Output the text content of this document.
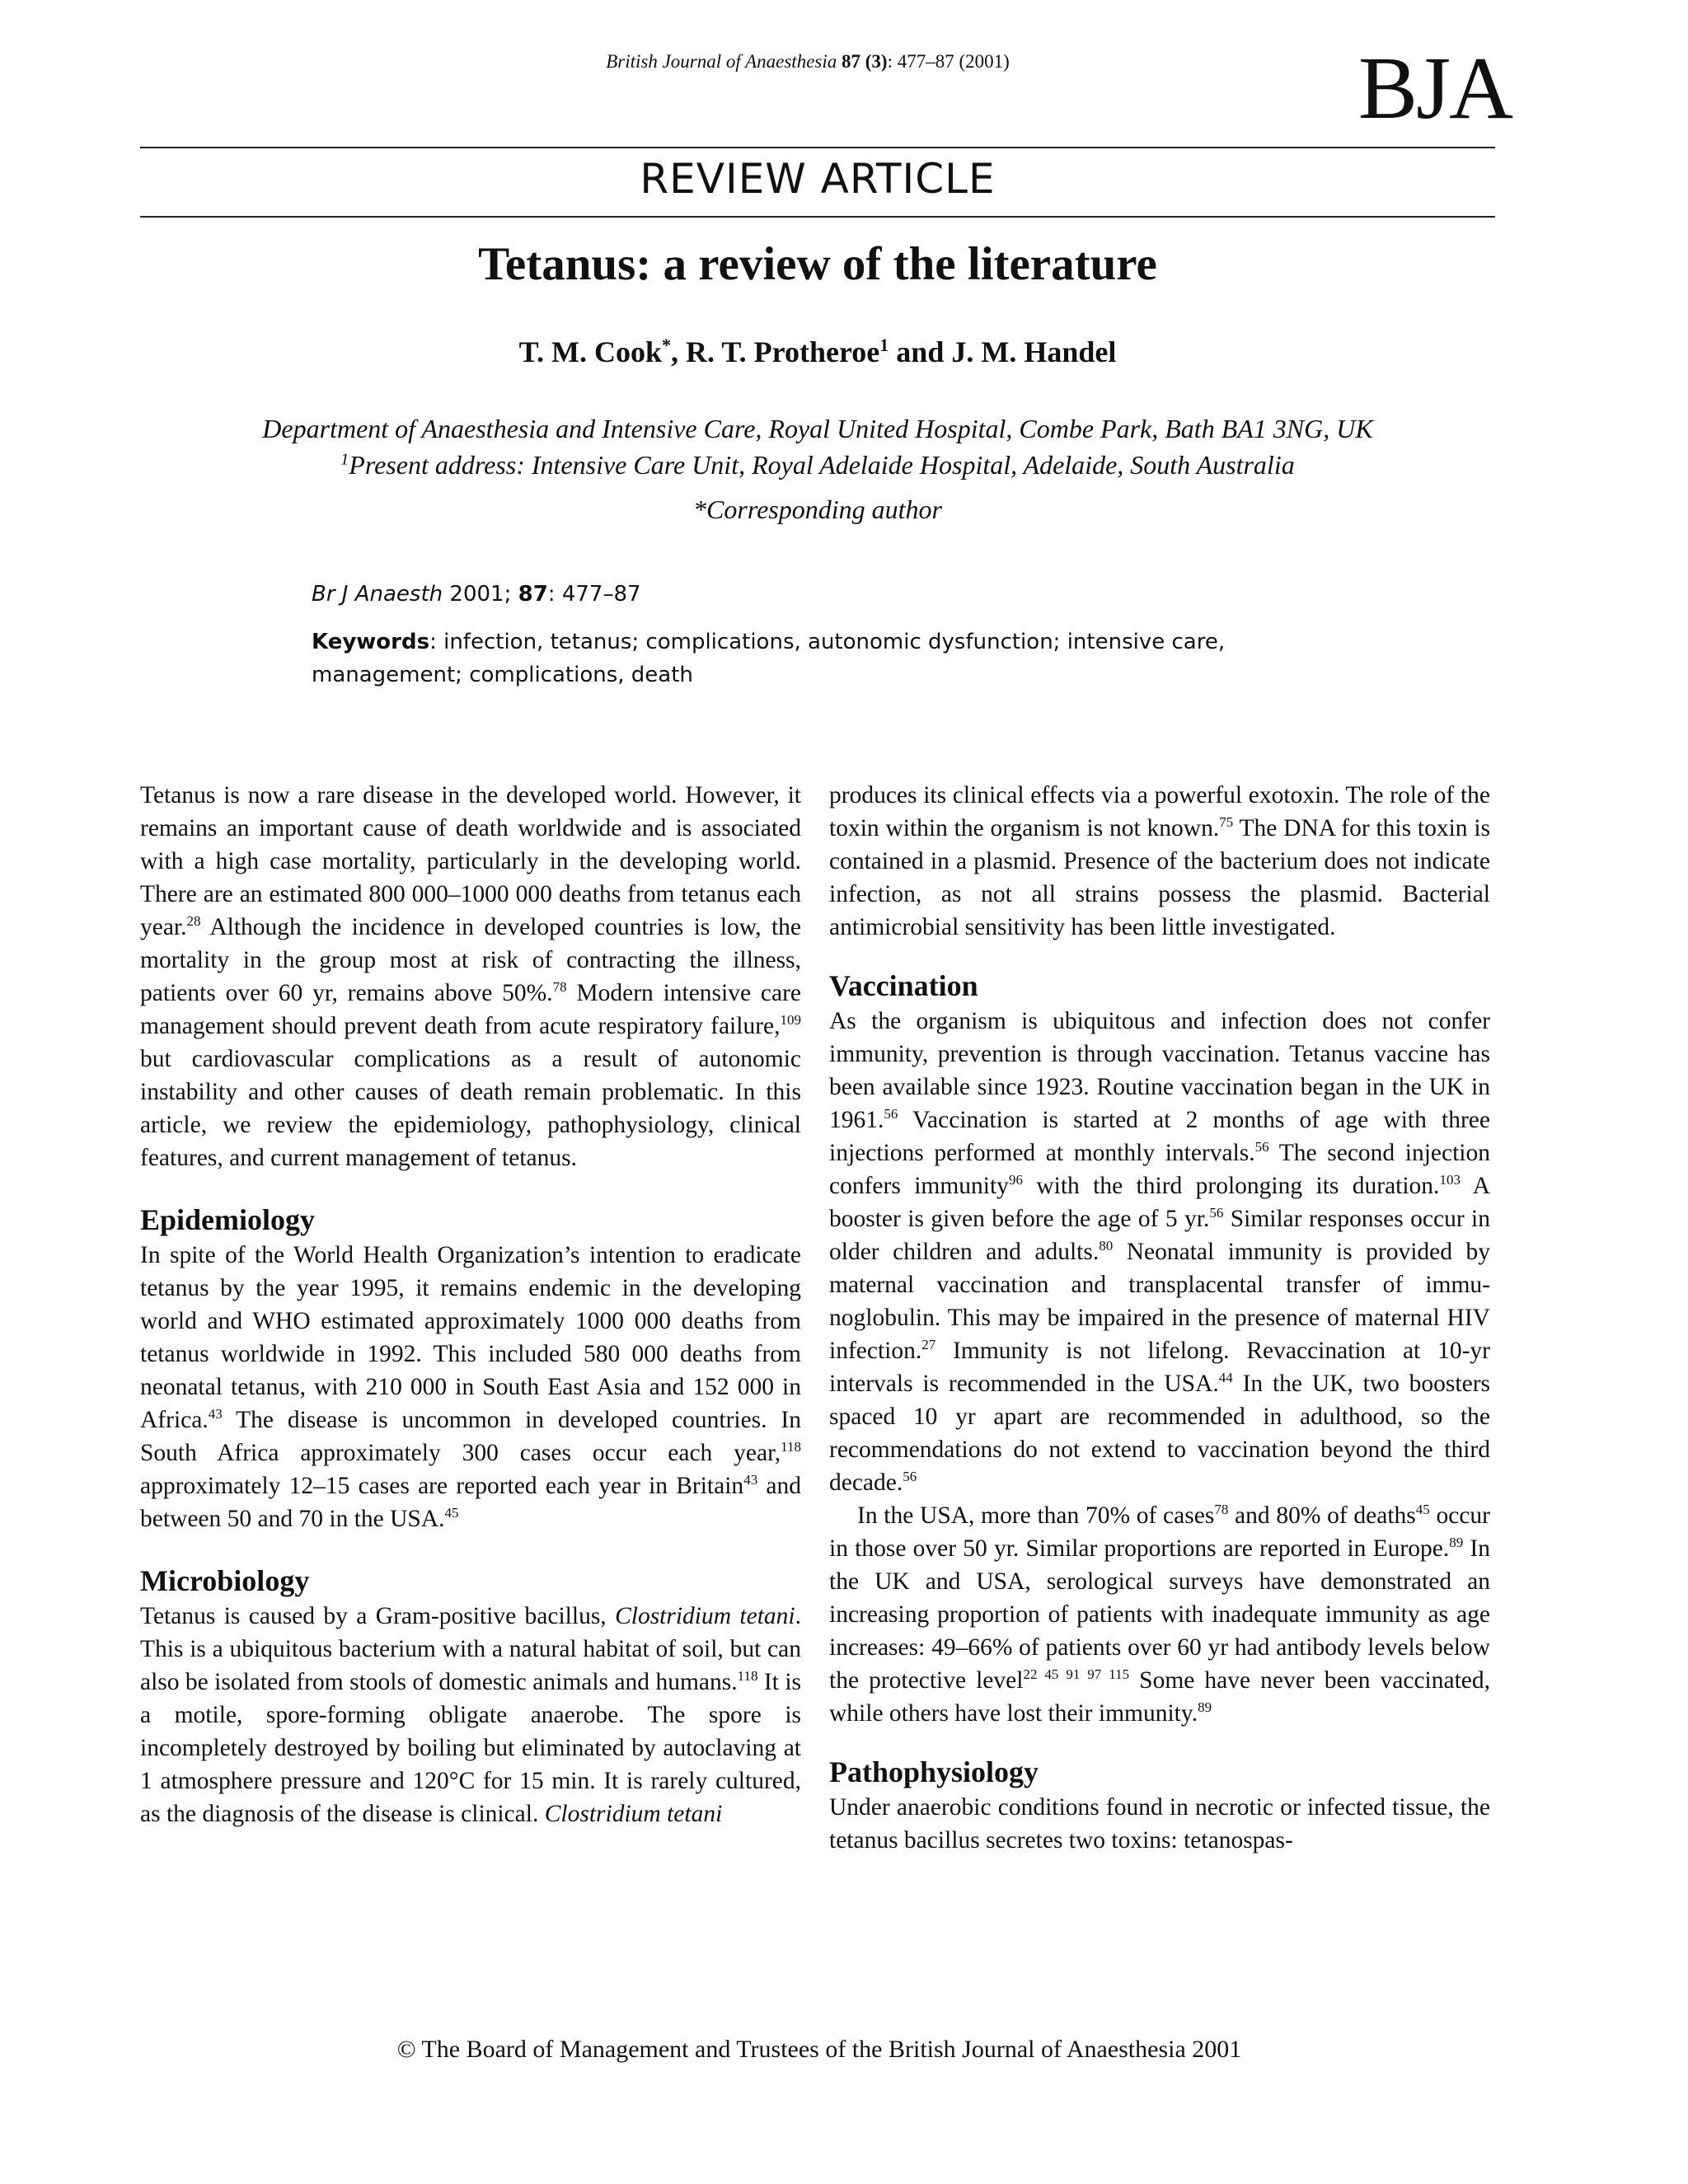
British Journal of Anaesthesia 87 (3): 477–87 (2001)	BJA
REVIEW ARTICLE
Tetanus: a review of the literature
T. M. Cook*, R. T. Protheroe$^1$ and J. M. Handel
Department of Anaesthesia and Intensive Care, Royal United Hospital, Combe Park, Bath BA1 3NG, UK
$^1$Present address: Intensive Care Unit, Royal Adelaide Hospital, Adelaide, South Australia
*Corresponding author
Br J Anaesth 2001; 87: 477–87
Keywords: infection, tetanus; complications, autonomic dysfunction; intensive care,
management; complications, death

Tetanus is now a rare disease in the developed world. However, it remains an important cause of death worldwide and is associated with a high case mortality, particularly in the developing world. There are an estimated 800 000–1000 000 deaths from tetanus each year.$^{28}$ Although the incidence in developed countries is low, the mortality in the group most at risk of contracting the illness, patients over 60 yr, remains above 50%.$^{78}$ Modern intensive care management should prevent death from acute respiratory failure,$^{109}$ but cardiovascular complications as a result of autonomic instability and other causes of death remain problematic. In this article, we review the epidemiology, pathophysiology, clinical features, and current management of tetanus.

Epidemiology

In spite of the World Health Organization’s intention to eradicate tetanus by the year 1995, it remains endemic in the developing world and WHO estimated approximately 1000 000 deaths from tetanus worldwide in 1992. This included 580 000 deaths from neonatal tetanus, with 210 000 in South East Asia and 152 000 in Africa.$^{43}$ The disease is uncommon in developed countries. In South Africa approximately 300 cases occur each year,$^{118}$ approximately 12–15 cases are reported each year in Britain$^{43}$ and between 50 and 70 in the USA.$^{45}$

Microbiology

Tetanus is caused by a Gram-positive bacillus, Clostridium tetani. This is a ubiquitous bacterium with a natural habitat of soil, but can also be isolated from stools of domestic animals and humans.$^{118}$ It is a motile, spore-forming obligate anaerobe. The spore is incompletely destroyed by boiling but eliminated by autoclaving at 1 atmosphere pressure and 120°C for 15 min. It is rarely cultured, as the diagnosis of the disease is clinical. Clostridium tetani

produces its clinical effects via a powerful exotoxin. The role of the toxin within the organism is not known.$^{75}$ The DNA for this toxin is contained in a plasmid. Presence of the bacterium does not indicate infection, as not all strains possess the plasmid. Bacterial antimicrobial sensitivity has been little investigated.

Vaccination

As the organism is ubiquitous and infection does not confer immunity, prevention is through vaccination. Tetanus vaccine has been available since 1923. Routine vaccination began in the UK in 1961.56 Vaccination is started at 2 months of age with three injections performed at monthly intervals.$^{56}$ The second injection confers immunity$^{96}$ with the third prolonging its duration.$^{103}$ A booster is given before the age of 5 yr.$^{56}$ Similar responses occur in older children and adults.$^{80}$ Neonatal immunity is provided by maternal vaccination and transplacental transfer of immunoglobulin. This may be impaired in the presence of maternal HIV infection.$^{27}$ Immunity is not lifelong. Revaccination at 10-yr intervals is recommended in the USA.$^{44}$ In the UK, two boosters spaced 10 yr apart are recommended in adulthood, so the recommendations do not extend to vaccination beyond the third decade.$^{56}$

In the USA, more than 70% of cases$^{78}$ and 80% of deaths$^{45}$ occur in those over 50 yr. Similar proportions are reported in Europe.$^{89}$ In the UK and USA, serological surveys have demonstrated an increasing proportion of patients with inadequate immunity as age increases: 49–66% of patients over 60 yr had antibody levels below the protective level$^{22 45 91 97 115}$ Some have never been vaccinated, while others have lost their immunity.$^{89}$

Pathophysiology

Under anaerobic conditions found in necrotic or infected tissue, the tetanus bacillus secretes two toxins: tetanospas-

© The Board of Management and Trustees of the British Journal of Anaesthesia 2001
